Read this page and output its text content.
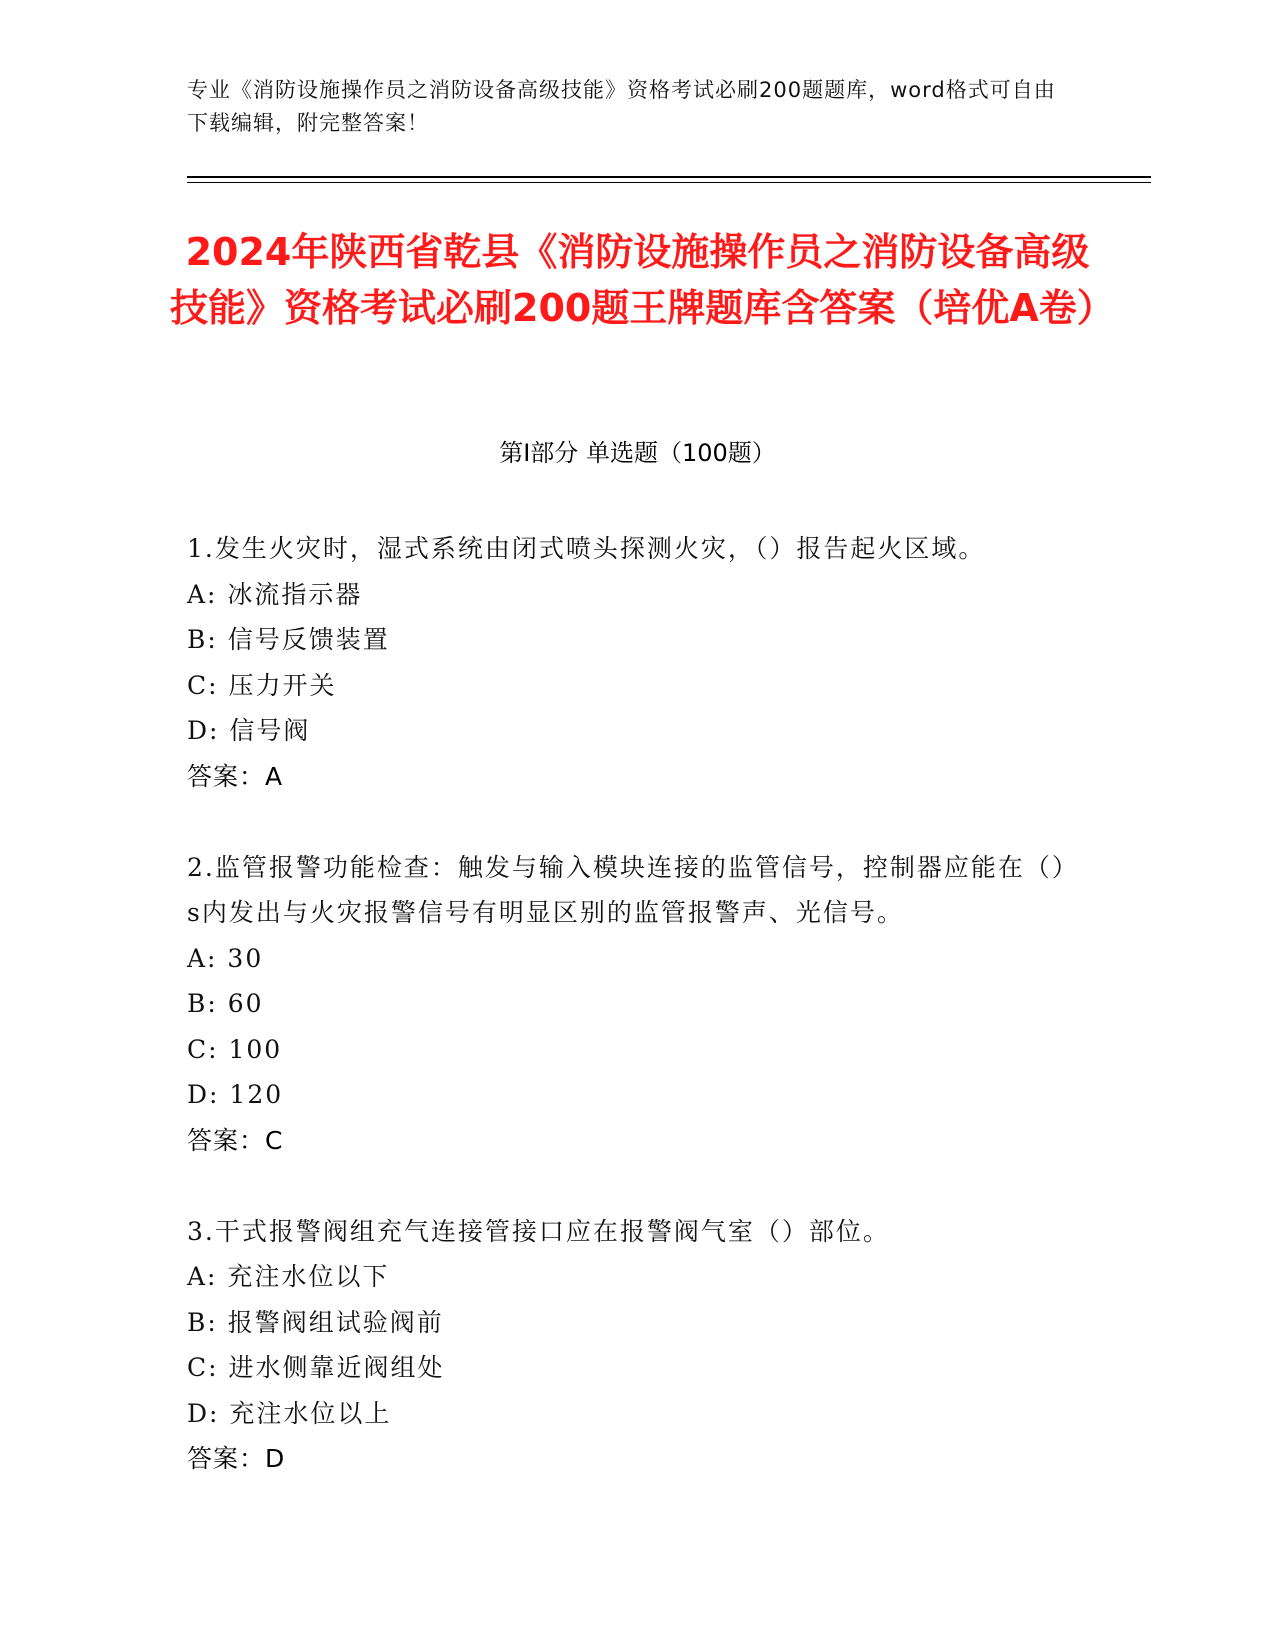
专业《消防设施操作员之消防设备高级技能》资格考试必刷200题题库，word格式可自由下载编辑，附完整答案！
2024年陕西省乾县《消防设施操作员之消防设备高级技能》资格考试必刷200题王牌题库含答案（培优A卷）
第I部分 单选题（100题）
1.发生火灾时，湿式系统由闭式喷头探测火灾，（）报告起火区域。
A: 冰流指示器
B: 信号反馈装置
C: 压力开关
D: 信号阀
答案：A
2.监管报警功能检查：触发与输入模块连接的监管信号，控制器应能在（）s内发出与火灾报警信号有明显区别的监管报警声、光信号。
A: 30
B: 60
C: 100
D: 120
答案：C
3.干式报警阀组充气连接管接口应在报警阀气室（）部位。
A: 充注水位以下
B: 报警阀组试验阀前
C: 进水侧靠近阀组处
D: 充注水位以上
答案：D
